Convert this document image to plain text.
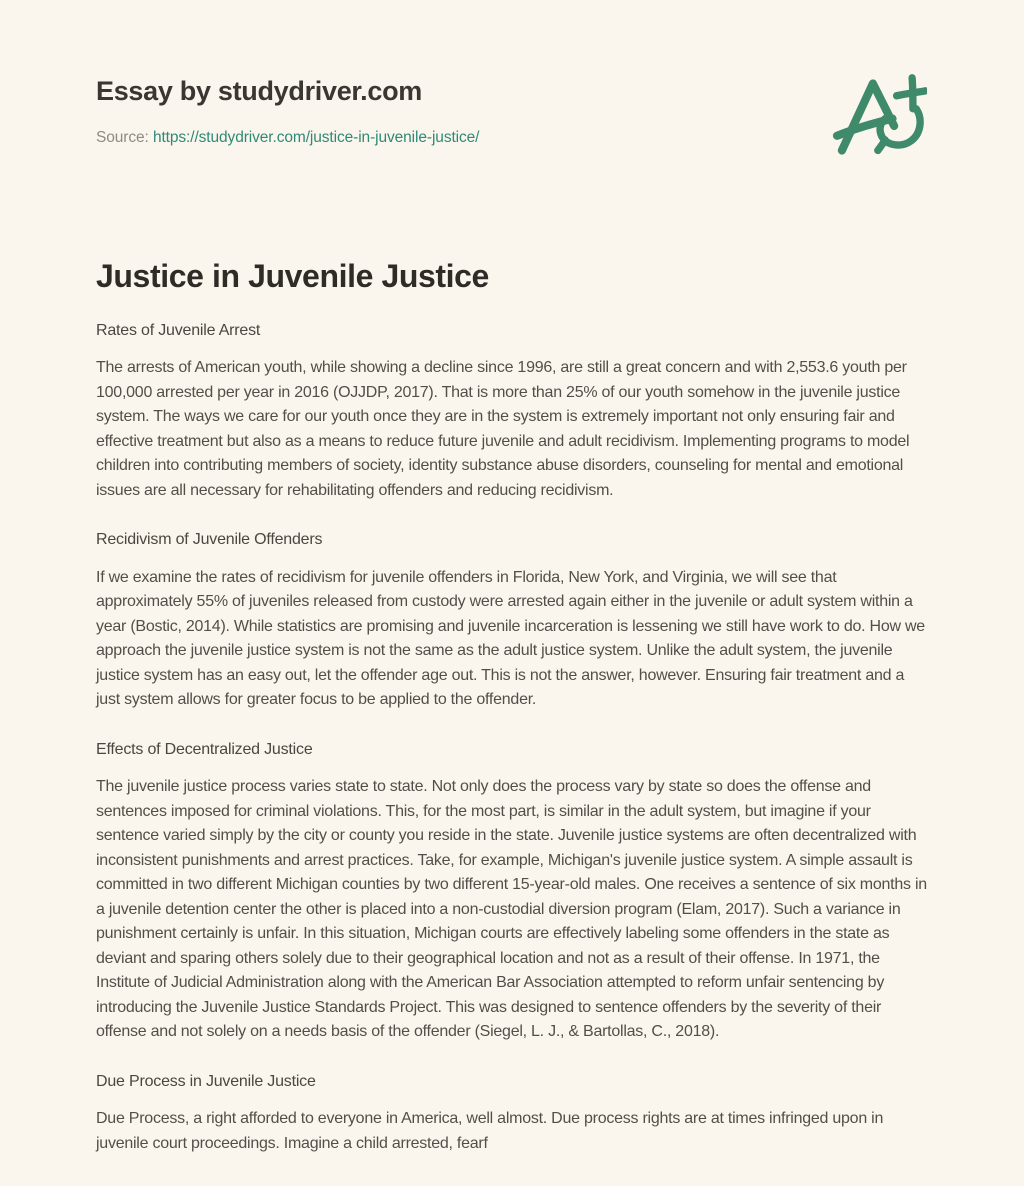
Essay by studydriver.com
Source: https://studydriver.com/justice-in-juvenile-justice/
Justice in Juvenile Justice
Rates of Juvenile Arrest

The arrests of American youth, while showing a decline since 1996, are still a great concern and with 2,553.6 youth per 100,000 arrested per year in 2016 (OJJDP, 2017). That is more than 25% of our youth somehow in the juvenile justice system. The ways we care for our youth once they are in the system is extremely important not only ensuring fair and effective treatment but also as a means to reduce future juvenile and adult recidivism. Implementing programs to model children into contributing members of society, identity substance abuse disorders, counseling for mental and emotional issues are all necessary for rehabilitating offenders and reducing recidivism.

Recidivism of Juvenile Offenders

If we examine the rates of recidivism for juvenile offenders in Florida, New York, and Virginia, we will see that approximately 55% of juveniles released from custody were arrested again either in the juvenile or adult system within a year (Bostic, 2014). While statistics are promising and juvenile incarceration is lessening we still have work to do. How we approach the juvenile justice system is not the same as the adult justice system. Unlike the adult system, the juvenile justice system has an easy out, let the offender age out. This is not the answer, however. Ensuring fair treatment and a just system allows for greater focus to be applied to the offender.

Effects of Decentralized Justice

The juvenile justice process varies state to state. Not only does the process vary by state so does the offense and sentences imposed for criminal violations. This, for the most part, is similar in the adult system, but imagine if your sentence varied simply by the city or county you reside in the state. Juvenile justice systems are often decentralized with inconsistent punishments and arrest practices. Take, for example, Michigan's juvenile justice system. A simple assault is committed in two different Michigan counties by two different 15-year-old males. One receives a sentence of six months in a juvenile detention center the other is placed into a non-custodial diversion program (Elam, 2017). Such a variance in punishment certainly is unfair. In this situation, Michigan courts are effectively labeling some offenders in the state as deviant and sparing others solely due to their geographical location and not as a result of their offense. In 1971, the Institute of Judicial Administration along with the American Bar Association attempted to reform unfair sentencing by introducing the Juvenile Justice Standards Project. This was designed to sentence offenders by the severity of their offense and not solely on a needs basis of the offender (Siegel, L. J., & Bartollas, C., 2018).

Due Process in Juvenile Justice

Due Process, a right afforded to everyone in America, well almost. Due process rights are at times infringed upon in juvenile court proceedings. Imagine a child arrested, fearf
